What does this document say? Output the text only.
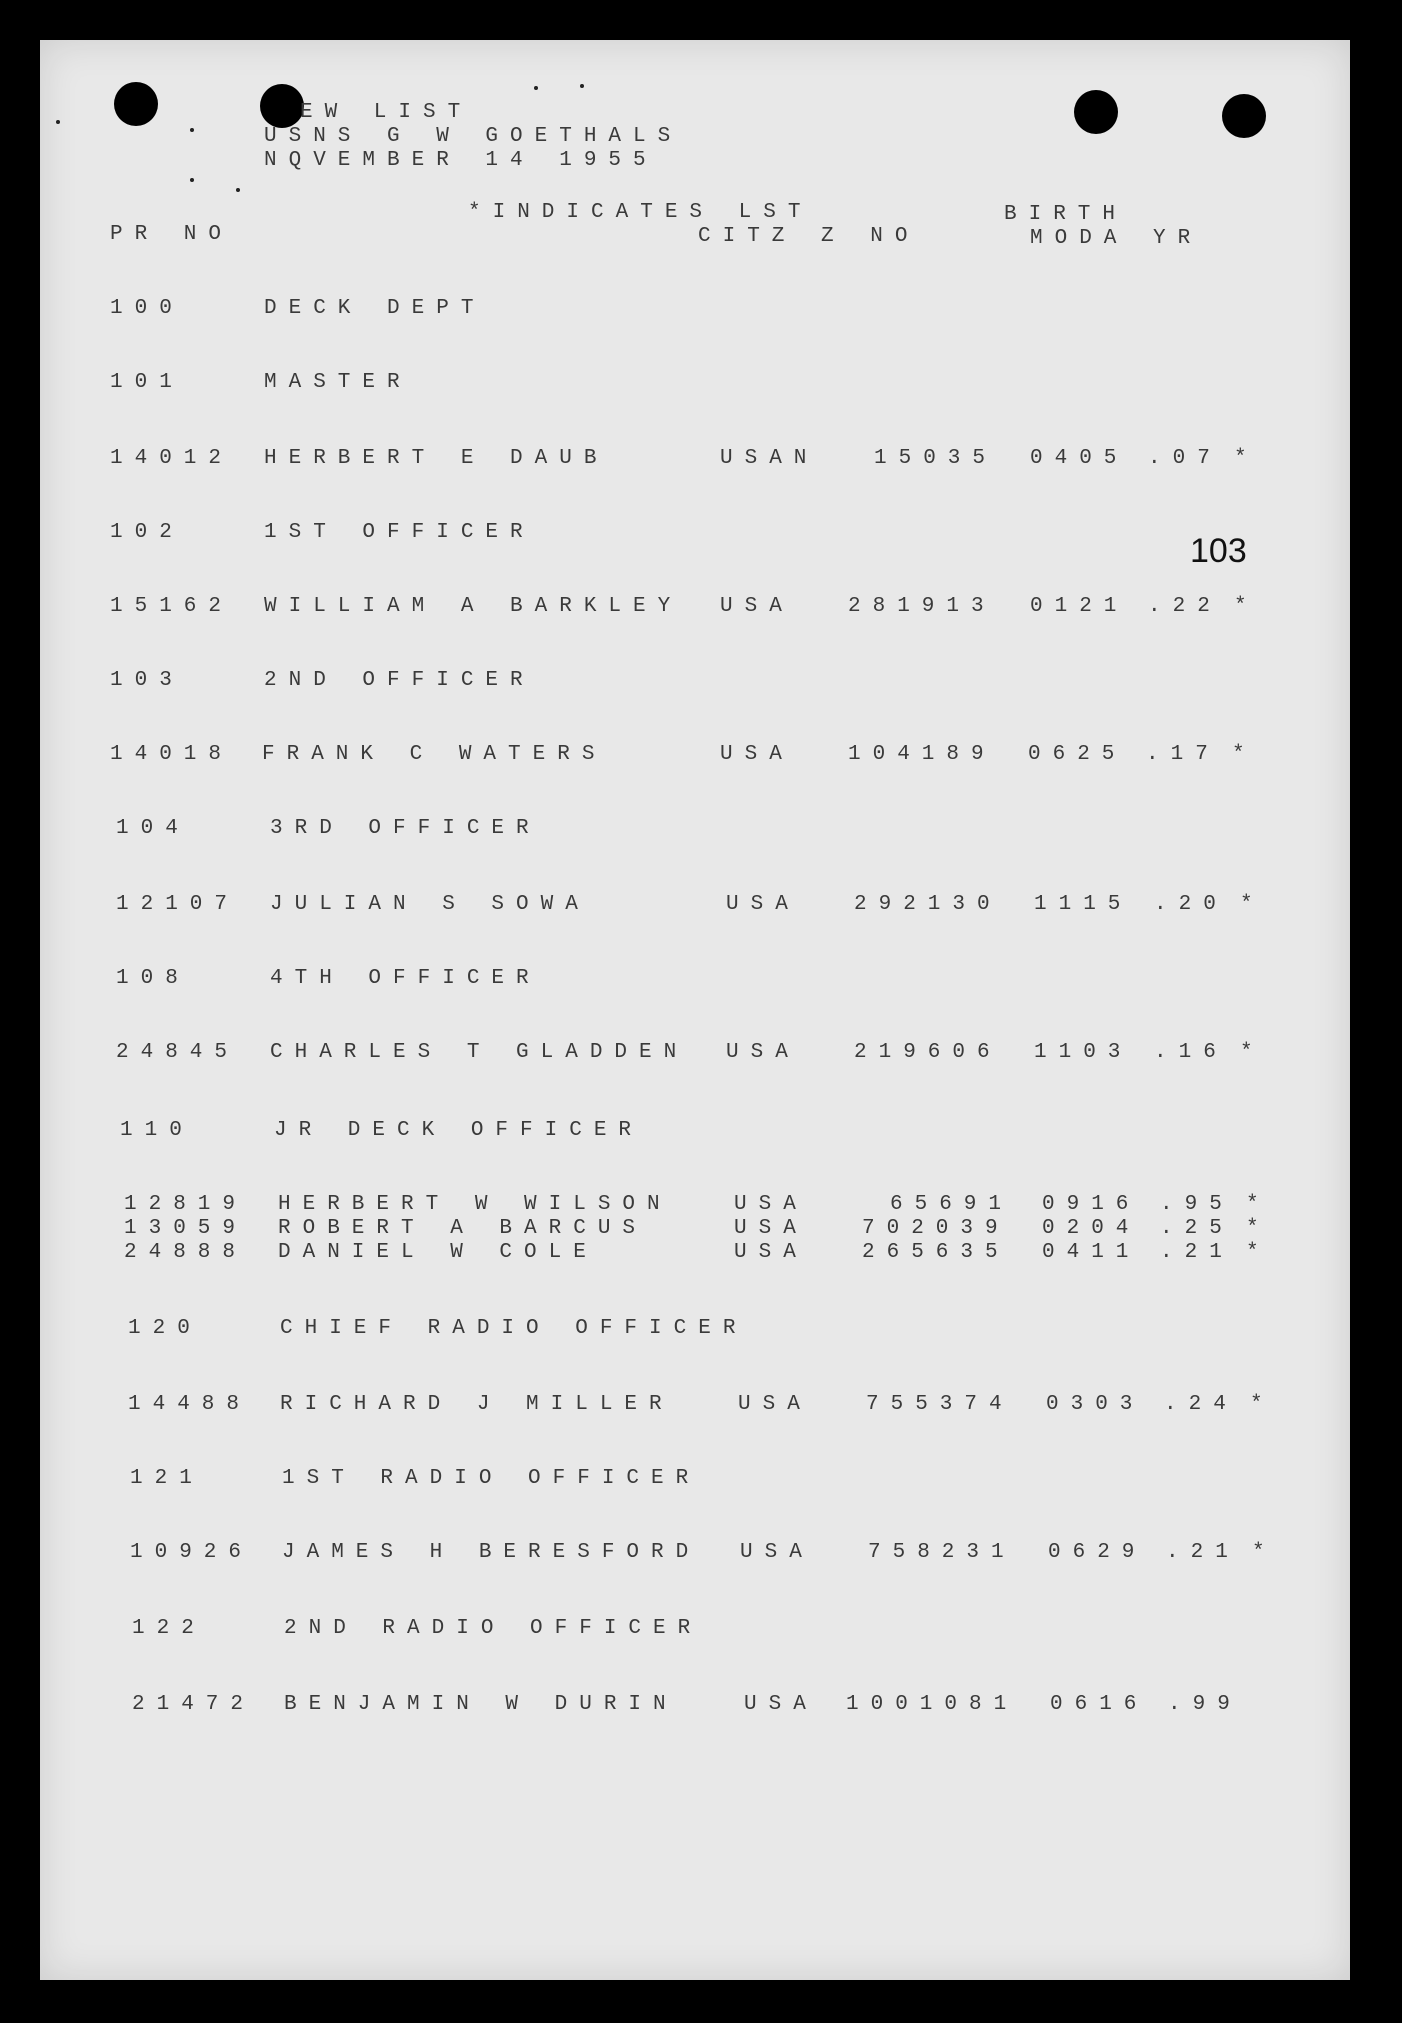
EW LIST
USNS G W GOETHALS
NQVEMBER 14 1955
*INDICATES LST	BIRTH
PR NO	CITZ Z NO	MODA YR
103
100	DECK DEPT
101	MASTER
14012 HERBERT E DAUB	USAN	15035 0405 .07 *
102	1ST OFFICER
15162 WILLIAM A BARKLEY USA	281913 0121 .22 *
103	2ND OFFICER
14018 FRANK C WATERS	USA	104189 0625 .17 *
104	3RD OFFICER
12107 JULIAN S SOWA	USA	292130 1115 .20 *
108	4TH OFFICER
24845 CHARLES T GLADDEN USA	219606 1103 .16 *
110	JR DECK OFFICER
12819 HERBERT W WILSON	USA	65691 0916 .95 *
13059 ROBERT A BARCUS	USA	702039 0204 .25 *
24888 DANIEL W COLE	USA	265635 0411 .21 *
120	CHIEF RADIO OFFICER
14488 RICHARD J MILLER	USA	755374 0303 .24 *
121	1ST RADIO OFFICER
10926 JAMES H BERESFORD USA	758231 0629 .21 *
122	2ND RADIO OFFICER
21472 BENJAMIN W DURIN	USA 1001081 0616 .99
